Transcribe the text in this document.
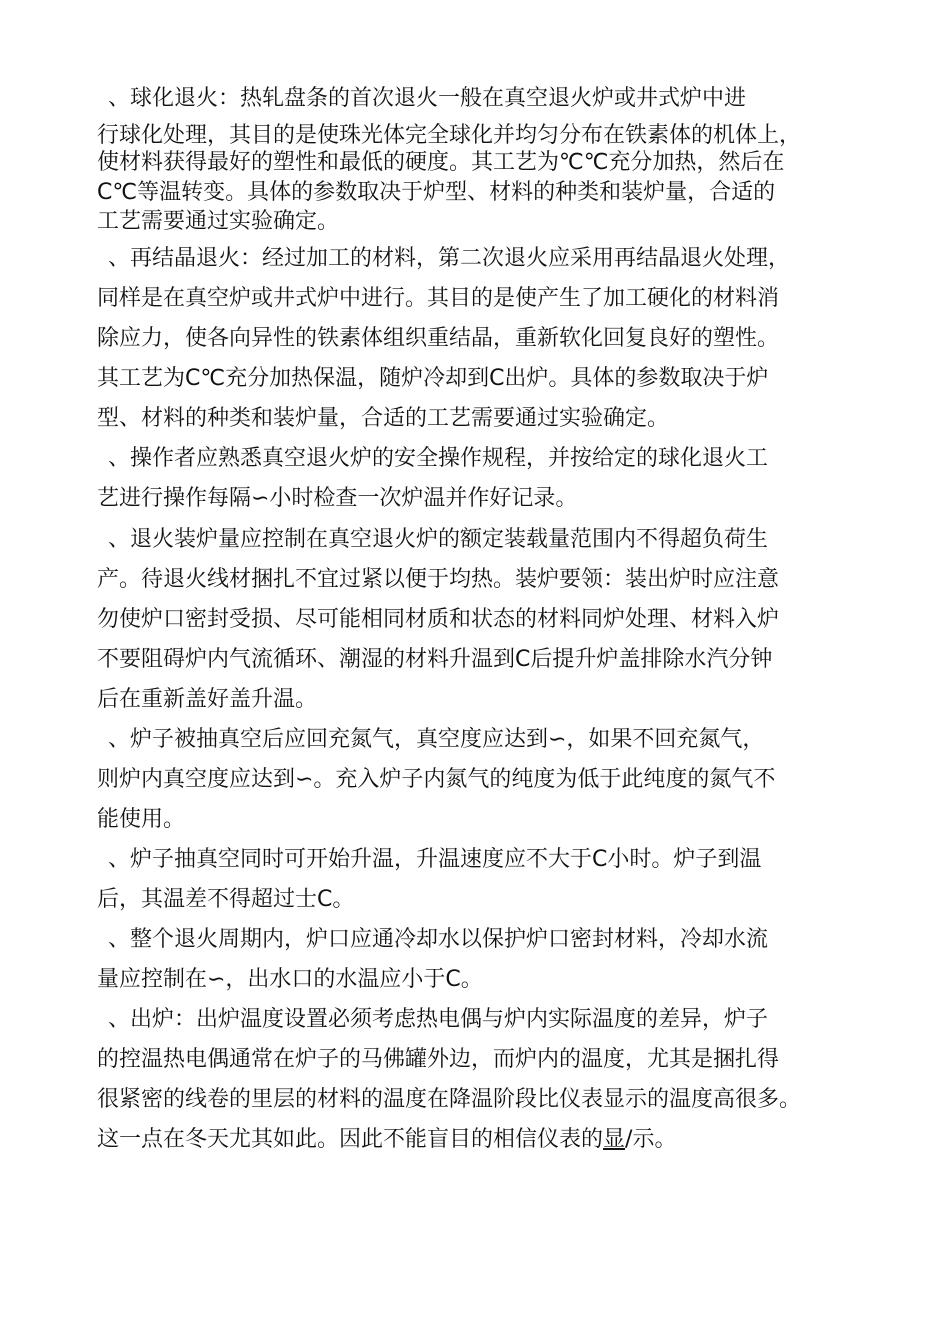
、球化退火：热轧盘条的首次退火一般在真空退火炉或井式炉中进
行球化处理，其目的是使珠光体完全球化并均匀分布在铁素体的机体上，
使材料获得最好的塑性和最低的硬度。其工艺为℃℃充分加热，然后在
C℃等温转变。具体的参数取决于炉型、材料的种类和装炉量，合适的
工艺需要通过实验确定。
、再结晶退火：经过加工的材料，第二次退火应采用再结晶退火处理，
同样是在真空炉或井式炉中进行。其目的是使产生了加工硬化的材料消
除应力，使各向异性的铁素体组织重结晶，重新软化回复良好的塑性。
其工艺为C℃充分加热保温，随炉冷却到C出炉。具体的参数取决于炉
型、材料的种类和装炉量，合适的工艺需要通过实验确定。
、操作者应熟悉真空退火炉的安全操作规程，并按给定的球化退火工
艺进行操作每隔∽小时检查一次炉温并作好记录。
、退火装炉量应控制在真空退火炉的额定装载量范围内不得超负荷生
产。待退火线材捆扎不宜过紧以便于均热。装炉要领：装出炉时应注意
勿使炉口密封受损、尽可能相同材质和状态的材料同炉处理、材料入炉
不要阻碍炉内气流循环、潮湿的材料升温到C后提升炉盖排除水汽分钟
后在重新盖好盖升温。
、炉子被抽真空后应回充氮气，真空度应达到∽，如果不回充氮气，
则炉内真空度应达到∽。充入炉子内氮气的纯度为低于此纯度的氮气不
能使用。
、炉子抽真空同时可开始升温，升温速度应不大于C小时。炉子到温
后，其温差不得超过士C。
、整个退火周期内，炉口应通冷却水以保护炉口密封材料，冷却水流
量应控制在∽，出水口的水温应小于C。
、出炉：出炉温度设置必须考虑热电偶与炉内实际温度的差异，炉子
的控温热电偶通常在炉子的马佛罐外边，而炉内的温度，尤其是捆扎得
很紧密的线卷的里层的材料的温度在降温阶段比仪表显示的温度高很多。
这一点在冬天尤其如此。因此不能盲目的相信仪表的显/示。
